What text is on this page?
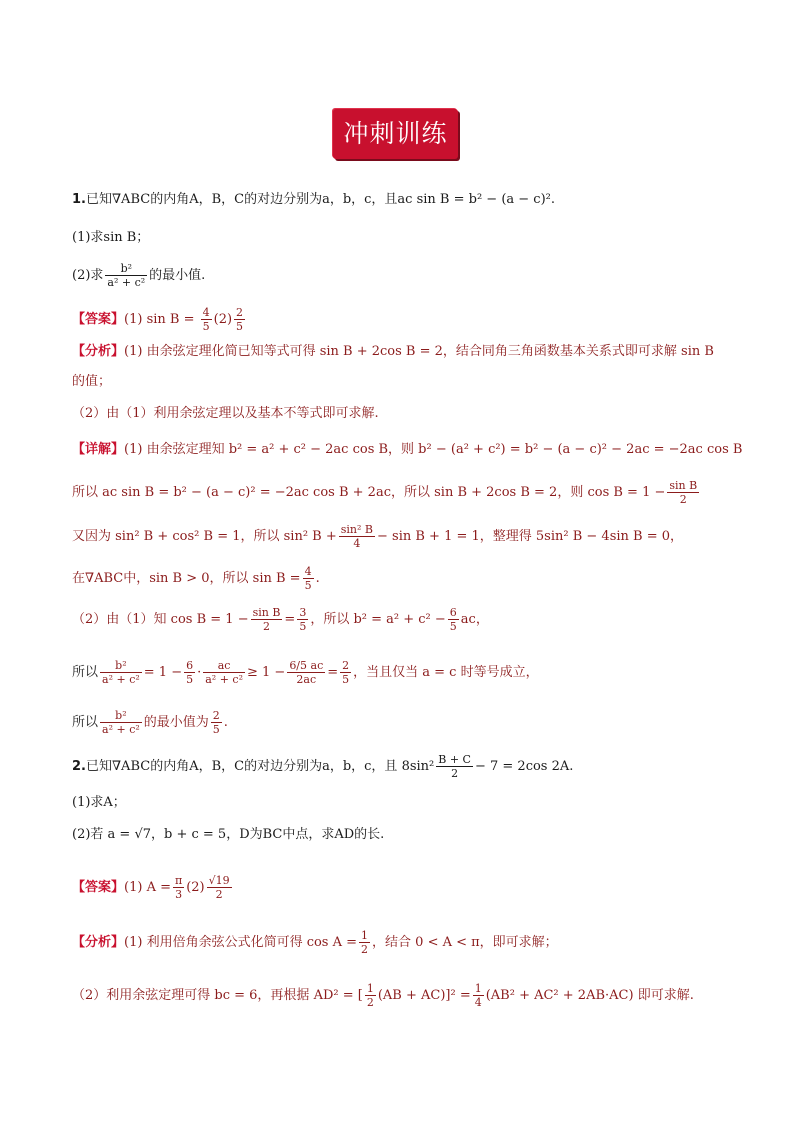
冲刺训练
1.已知∇ABC的内角A，B，C的对边分别为a，b，c，且ac sin B = b² − (a − c)².
(1)求sin B；
(2)求 $\frac{\text{b²}}{\text{a² + c²}}$ 的最小值.
【答案】(1) $\sin B = \frac{4}{5} (2) \frac{2}{5}$
【分析】(1) 由余弦定理化简已知等式可得 sin B + 2cos B = 2，结合同角三角函数基本关系式即可求解 sin B
的值；
（2）由（1）利用余弦定理以及基本不等式即可求解.
【详解】(1) 由余弦定理知 b² = a² + c² − 2ac cos B，则 b² − (a² + c²) = b² − (a − c)² − 2ac = −2ac cos B
所以 ac sin B = b² − (a − c)² = −2ac cos B + 2ac，所以 sin B + 2cos B = 2，则 $\cos B = 1 - \frac{\text{sin B}}{2}$
又因为 sin² B + cos² B = 1，所以 sin² $B + \frac{\text{sin² B}}{4} - \sin B + 1 = 1$，整理得 5sin² B − 4sin B = 0，
在∇ABC中，sin B > 0，所以 $\sin B = \frac{4}{5}$ .
（2）由（1）知 $\cos B = 1 - \frac{\text{sin B}}{2} = \frac{3}{5}$ ，所以 $b^2 = a^2 + c^2 - \frac{6}{5}$ ac，
所以 $\frac{\text{b²}}{\text{a² + c²}} = 1 - \frac{6}{5} \cdot \frac{ac}{\text{a² + c²}} \ge 1 - \frac{6/5 ac}{2ac} = \frac{2}{5}$ ，当且仅当 a = c 时等号成立，
所以 $\frac{\text{b²}}{\text{a² + c²}}$ 的最小值为 $\frac{2}{5}$ .
2.已知∇ABC的内角A，B，C的对边分别为a，b，c，且 $8\sin^2 \frac{B + C}{2} - 7 = 2\cos$ 2A.
(1)求A；
(2)若 a = √7，b + c = 5，D为BC中点，求AD的长.
【答案】(1) $A = \frac{\pi}{3} (2) \frac{√19}{2}$
【分析】(1) 利用倍角余弦公式化简可得 $\cos A = \frac{1}{2}$ ，结合 0 < A < π，即可求解；
（2）利用余弦定理可得 bc = 6，再根据 AD² = [ $\frac{1}{2} (AB + AC)]^2 = \frac{1}{4} (AB^2 + AC^2 + 2AB\cdot AC)$ 即可求解.
